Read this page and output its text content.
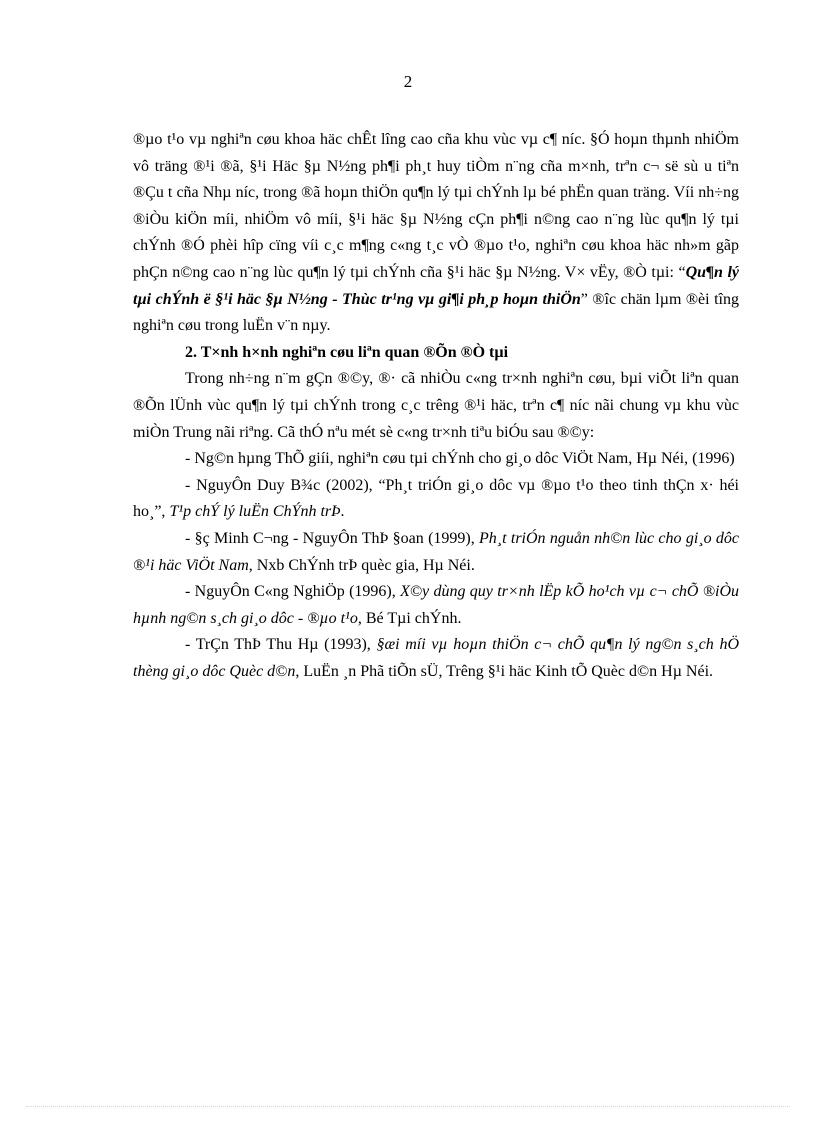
2

®µo t¹o vµ nghiªn cøu khoa häc chÊt lîng cao cña khu vùc vµ c¶ níc. §Ó hoµn thµnh nhiÖm vô träng ®¹i ®ã, §¹i Häc §µ N½ng ph¶i ph¸t huy tiÒm n¨ng cña m×nh, trªn c¬ së sù u tiªn ®Çu t cña Nhµ níc, trong ®ã hoµn thiÖn qu¶n lý tµi chÝnh lµ bé phËn quan träng. Víi nh÷ng ®iÒu kiÖn míi, nhiÖm vô míi, §¹i häc §µ N½ng cÇn ph¶i n©ng cao n¨ng lùc qu¶n lý tµi chÝnh ®Ó phèi hîp cïng víi c¸c m¶ng c«ng t¸c vÒ ®µo t¹o, nghiªn cøu khoa häc nh»m gãp phÇn n©ng cao n¨ng lùc qu¶n lý tµi chÝnh cña §¹i häc §µ N½ng. V× vËy, ®Ò tµi: “Qu¶n lý tµi chÝnh ë §¹i häc §µ N½ng - Thùc tr¹ng vµ gi¶i ph¸p hoµn thiÖn” ®îc chän lµm ®èi tîng nghiªn cøu trong luËn v¨n nµy.

2. T×nh h×nh nghiªn cøu liªn quan ®Õn ®Ò tµi

Trong nh÷ng n¨m gÇn ®©y, ®· cã nhiÒu c«ng tr×nh nghiªn cøu, bµi viÕt liªn quan ®Õn lÜnh vùc qu¶n lý tµi chÝnh trong c¸c trêng ®¹i häc, trªn c¶ níc nãi chung vµ khu vùc miÒn Trung nãi riªng. Cã thÓ nªu mét sè c«ng tr×nh tiªu biÓu sau ®©y:

- Ng©n hµng ThÕ giíi, nghiªn cøu tµi chÝnh cho gi¸o dôc ViÖt Nam, Hµ Néi, (1996)

- NguyÔn Duy B¾c (2002), “Ph¸t triÓn gi¸o dôc vµ ®µo t¹o theo tinh thÇn x· héi ho¸”, T¹p chÝ lý luËn ChÝnh trÞ.

- §ç Minh C¬ng - NguyÔn ThÞ §oan (1999), Ph¸t triÓn nguån nh©n lùc cho gi¸o dôc ®¹i häc ViÖt Nam, Nxb ChÝnh trÞ quèc gia, Hµ Néi.

- NguyÔn C«ng NghiÖp (1996), X©y dùng quy tr×nh lËp kÕ ho¹ch vµ c¬ chÕ ®iÒu hµnh ng©n s¸ch gi¸o dôc - ®µo t¹o, Bé Tµi chÝnh.

- TrÇn ThÞ Thu Hµ (1993), §æi míi vµ hoµn thiÖn c¬ chÕ qu¶n lý ng©n s¸ch hÖ thèng gi¸o dôc Quèc d©n, LuËn ¸n Phã tiÕn sÜ, Trêng §¹i häc Kinh tÕ Quèc d©n Hµ Néi.
